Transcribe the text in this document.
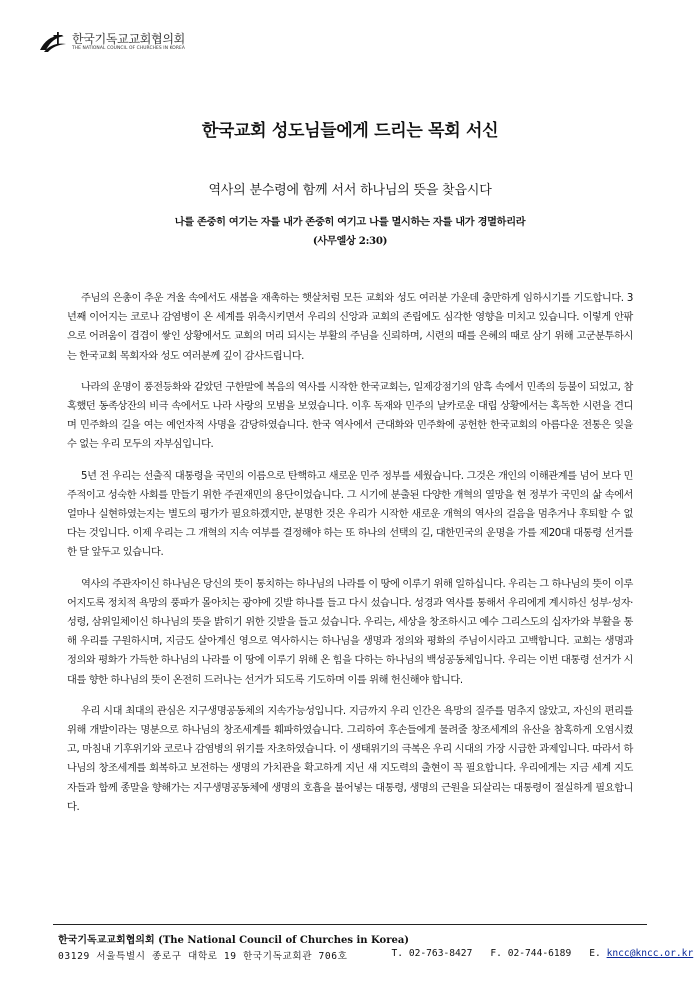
한국기독교교회협의회
THE NATIONAL COUNCIL OF CHURCHES IN KOREA
한국교회 성도님들에게 드리는 목회 서신
역사의 분수령에 함께 서서 하나님의 뜻을 찾읍시다
나를 존중히 여기는 자를 내가 존중히 여기고 나를 멸시하는 자를 내가 경멸하리라
(사무엘상 2:30)

주님의 은총이 추운 겨울 속에서도 새봄을 재촉하는 햇살처럼 모든 교회와 성도 여러분 가운데 충만하게 임하시기를 기도합니다. 3년째 이어지는 코로나 감염병이 온 세계를 위축시키면서 우리의 신앙과 교회의 존립에도 심각한 영향을 미치고 있습니다. 이렇게 안팎으로 어려움이 겹겹이 쌓인 상황에서도 교회의 머리 되시는 부활의 주님을 신뢰하며, 시련의 때를 은혜의 때로 삼기 위해 고군분투하시는 한국교회 목회자와 성도 여러분께 깊이 감사드립니다.

나라의 운명이 풍전등화와 같았던 구한말에 복음의 역사를 시작한 한국교회는, 일제강점기의 암흑 속에서 민족의 등불이 되었고, 참혹했던 동족상잔의 비극 속에서도 나라 사랑의 모범을 보였습니다. 이후 독재와 민주의 날카로운 대립 상황에서는 혹독한 시련을 견디며 민주화의 길을 여는 예언자적 사명을 감당하였습니다. 한국 역사에서 근대화와 민주화에 공헌한 한국교회의 아름다운 전통은 잊을 수 없는 우리 모두의 자부심입니다.

5년 전 우리는 선출직 대통령을 국민의 이름으로 탄핵하고 새로운 민주 정부를 세웠습니다. 그것은 개인의 이해관계를 넘어 보다 민주적이고 성숙한 사회를 만들기 위한 주권재민의 용단이었습니다. 그 시기에 분출된 다양한 개혁의 열망을 현 정부가 국민의 삶 속에서 얼마나 실현하였는지는 별도의 평가가 필요하겠지만, 분명한 것은 우리가 시작한 새로운 개혁의 역사의 걸음을 멈추거나 후퇴할 수 없다는 것입니다. 이제 우리는 그 개혁의 지속 여부를 결정해야 하는 또 하나의 선택의 길, 대한민국의 운명을 가를 제20대 대통령 선거를 한 달 앞두고 있습니다.

역사의 주관자이신 하나님은 당신의 뜻이 통치하는 하나님의 나라를 이 땅에 이루기 위해 일하십니다. 우리는 그 하나님의 뜻이 이루어지도록 정치적 욕망의 풍파가 몰아치는 광야에 깃발 하나를 들고 다시 섰습니다. 성경과 역사를 통해서 우리에게 계시하신 성부·성자·성령, 삼위일체이신 하나님의 뜻을 밝히기 위한 깃발을 들고 섰습니다. 우리는, 세상을 창조하시고 예수 그리스도의 십자가와 부활을 통해 우리를 구원하시며, 지금도 살아계신 영으로 역사하시는 하나님을 생명과 정의와 평화의 주님이시라고 고백합니다. 교회는 생명과 정의와 평화가 가득한 하나님의 나라를 이 땅에 이루기 위해 온 힘을 다하는 하나님의 백성공동체입니다. 우리는 이번 대통령 선거가 시대를 향한 하나님의 뜻이 온전히 드러나는 선거가 되도록 기도하며 이를 위해 헌신해야 합니다.

우리 시대 최대의 관심은 지구생명공동체의 지속가능성입니다. 지금까지 우리 인간은 욕망의 질주를 멈추지 않았고, 자신의 편리를 위해 개발이라는 명분으로 하나님의 창조세계를 훼파하였습니다. 그리하여 후손들에게 물려줄 창조세계의 유산을 참혹하게 오염시켰고, 마침내 기후위기와 코로나 감염병의 위기를 자초하였습니다. 이 생태위기의 극복은 우리 시대의 가장 시급한 과제입니다. 따라서 하나님의 창조세계를 회복하고 보전하는 생명의 가치관을 확고하게 지닌 새 지도력의 출현이 꼭 필요합니다. 우리에게는 지금 세계 지도자들과 함께 종말을 향해가는 지구생명공동체에 생명의 호흡을 불어넣는 대통령, 생명의 근원을 되살리는 대통령이 절실하게 필요합니다.

한국기독교교회협의회 (The National Council of Churches in Korea)
03129 서울특별시 종로구 대학로 19 한국기독교회관 706호	T. 02-763-8427 F. 02-744-6189 E.
kncc@kncc.or.kr
